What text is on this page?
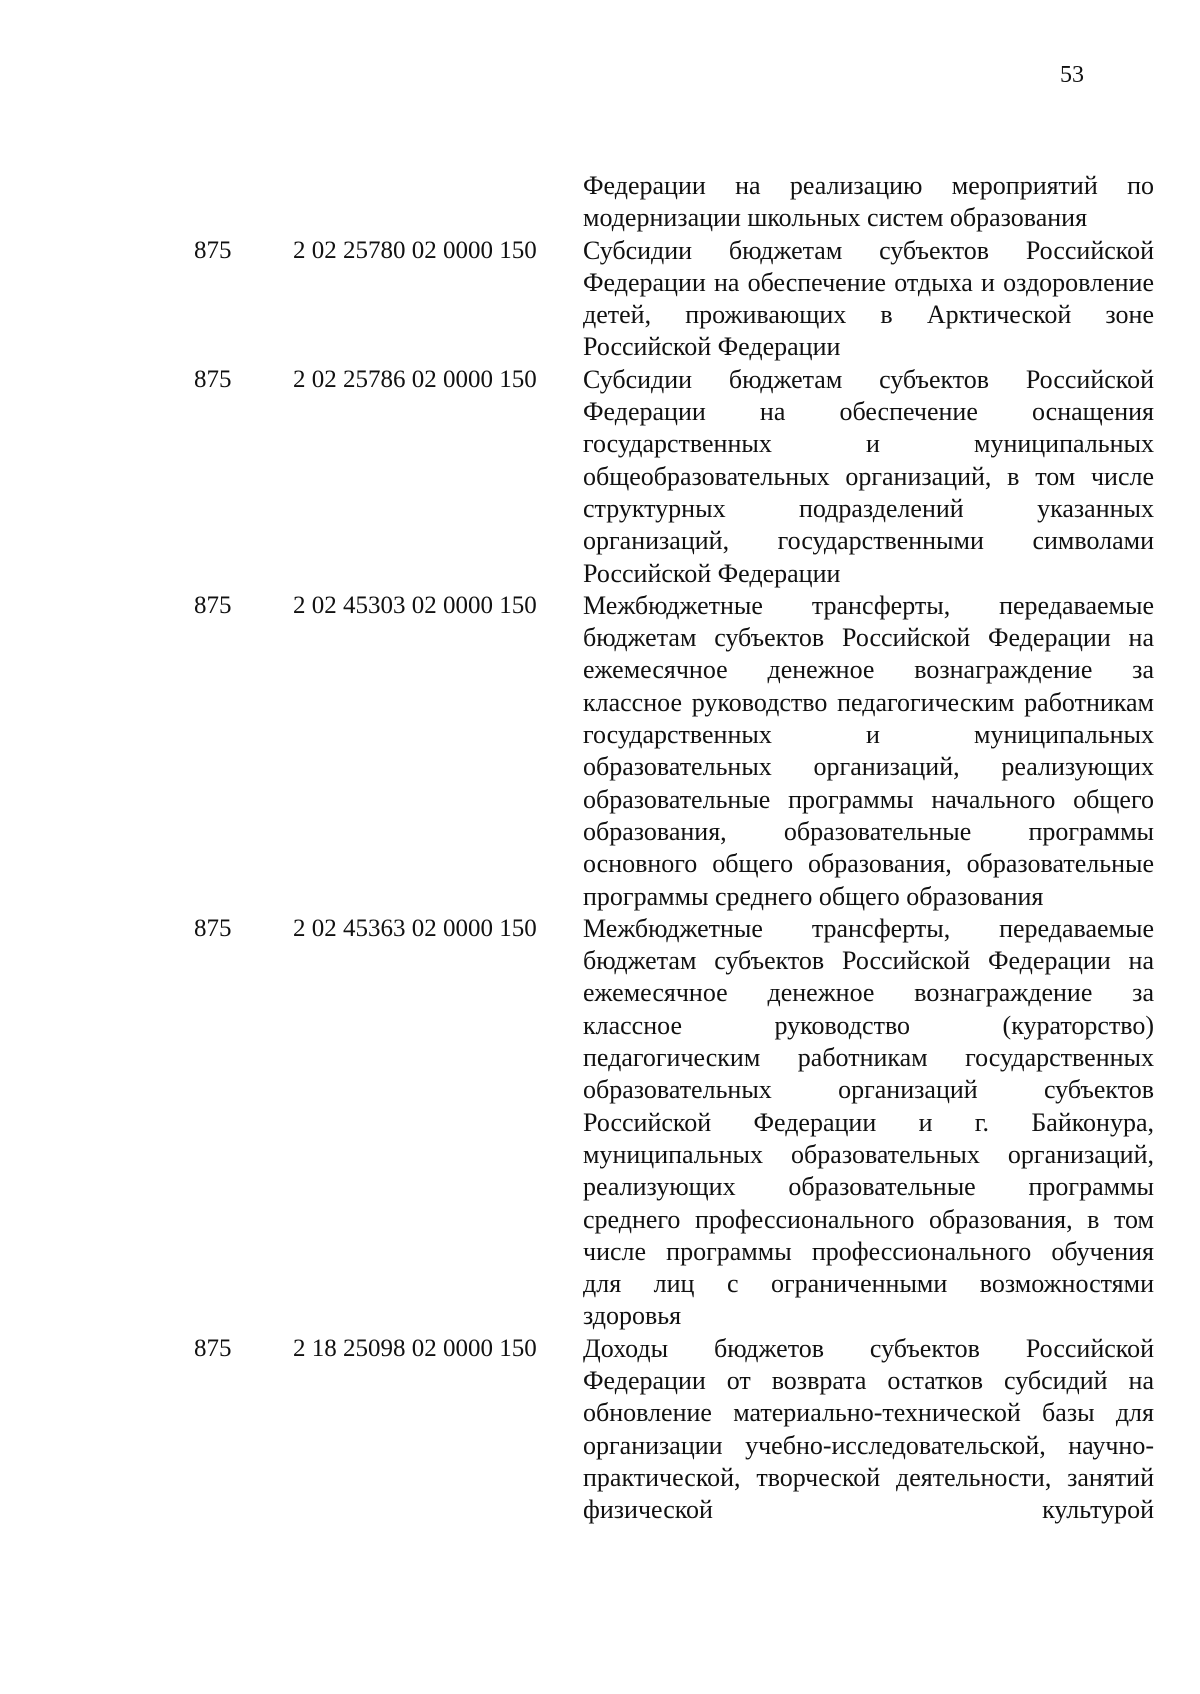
53
Федерации на реализацию мероприятий по модернизации школьных систем образования
875	2 02 25780 02 0000 150	Субсидии бюджетам субъектов Российской Федерации на обеспечение отдыха и оздоровление детей, проживающих в Арктической зоне Российской Федерации
875	2 02 25786 02 0000 150	Субсидии бюджетам субъектов Российской Федерации на обеспечение оснащения государственных и муниципальных общеобразовательных организаций, в том числе структурных подразделений указанных организаций, государственными символами Российской Федерации
875	2 02 45303 02 0000 150	Межбюджетные трансферты, передаваемые бюджетам субъектов Российской Федерации на ежемесячное денежное вознаграждение за классное руководство педагогическим работникам государственных и муниципальных образовательных организаций, реализующих образовательные программы начального общего образования, образовательные программы основного общего образования, образовательные программы среднего общего образования
875	2 02 45363 02 0000 150	Межбюджетные трансферты, передаваемые бюджетам субъектов Российской Федерации на ежемесячное денежное вознаграждение за классное руководство (кураторство) педагогическим работникам государственных образовательных организаций субъектов Российской Федерации и г. Байконура, муниципальных образовательных организаций, реализующих образовательные программы среднего профессионального образования, в том числе программы профессионального обучения для лиц с ограниченными возможностями здоровья
875	2 18 25098 02 0000 150	Доходы бюджетов субъектов Российской Федерации от возврата остатков субсидий на обновление материально-технической базы для организации учебно-исследовательской, научно-практической, творческой деятельности, занятий физической культурой
